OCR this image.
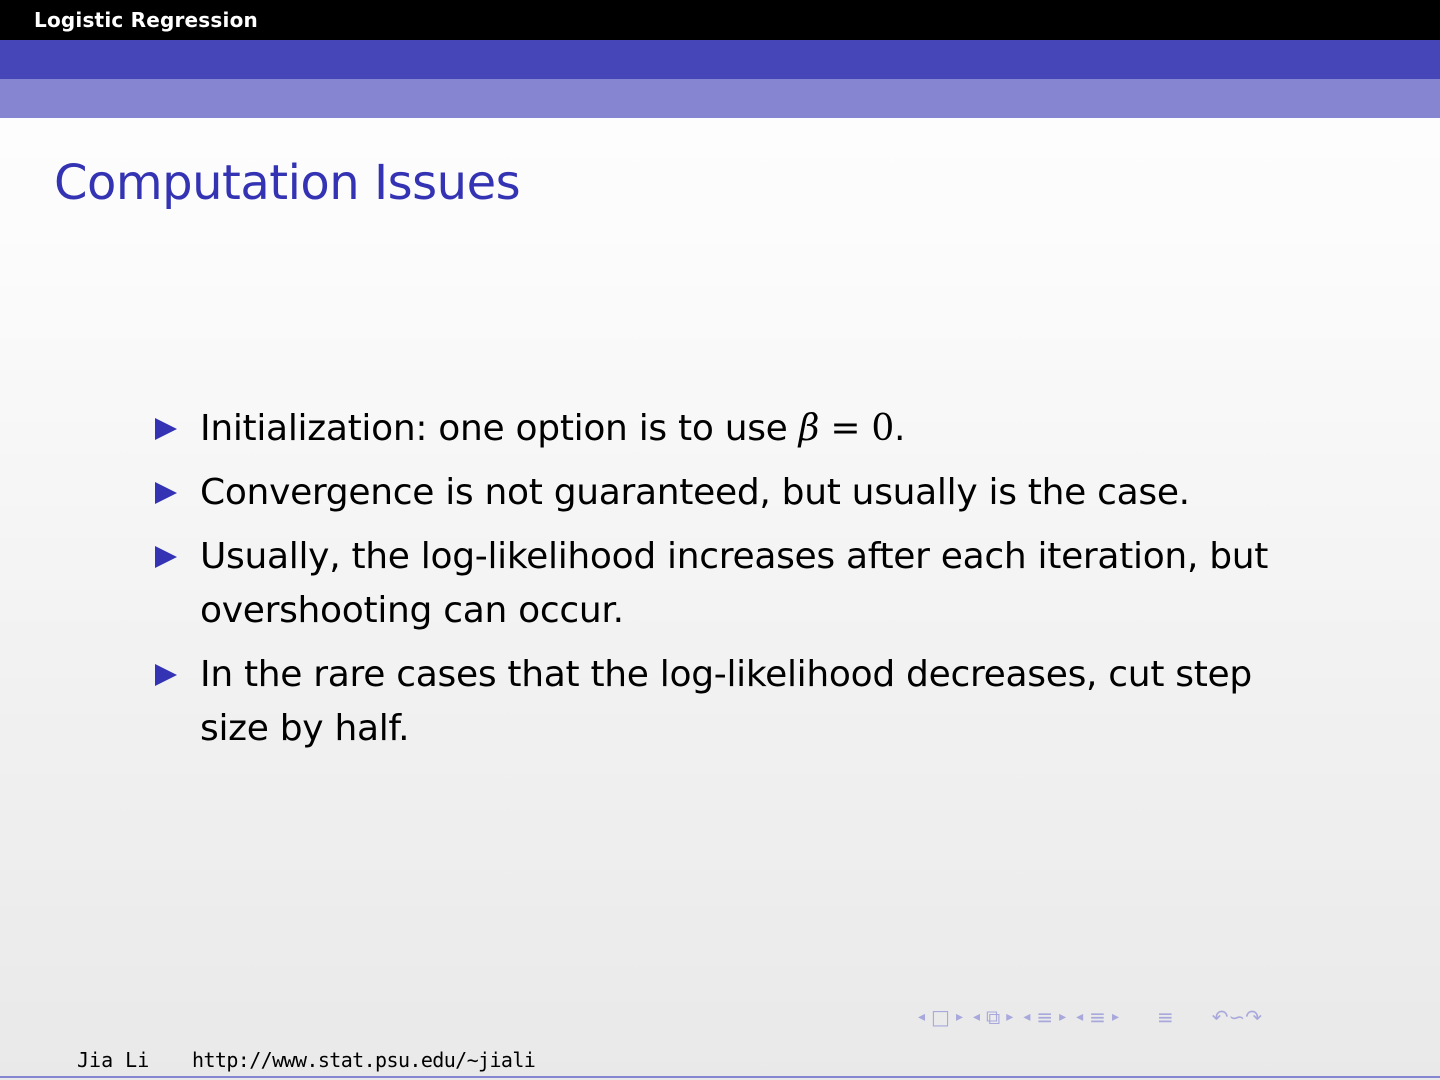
Logistic Regression
Computation Issues
Initialization: one option is to use β = 0.
Convergence is not guaranteed, but usually is the case.
Usually, the log-likelihood increases after each iteration, but overshooting can occur.
In the rare cases that the log-likelihood decreases, cut step size by half.
◂ □ ▸ ◂ ⧉ ▸ ◂ ≡ ▸ ◂ ≡ ▸ ≡ ↶∽↷
Jia Li http://www.stat.psu.edu/∼jiali
